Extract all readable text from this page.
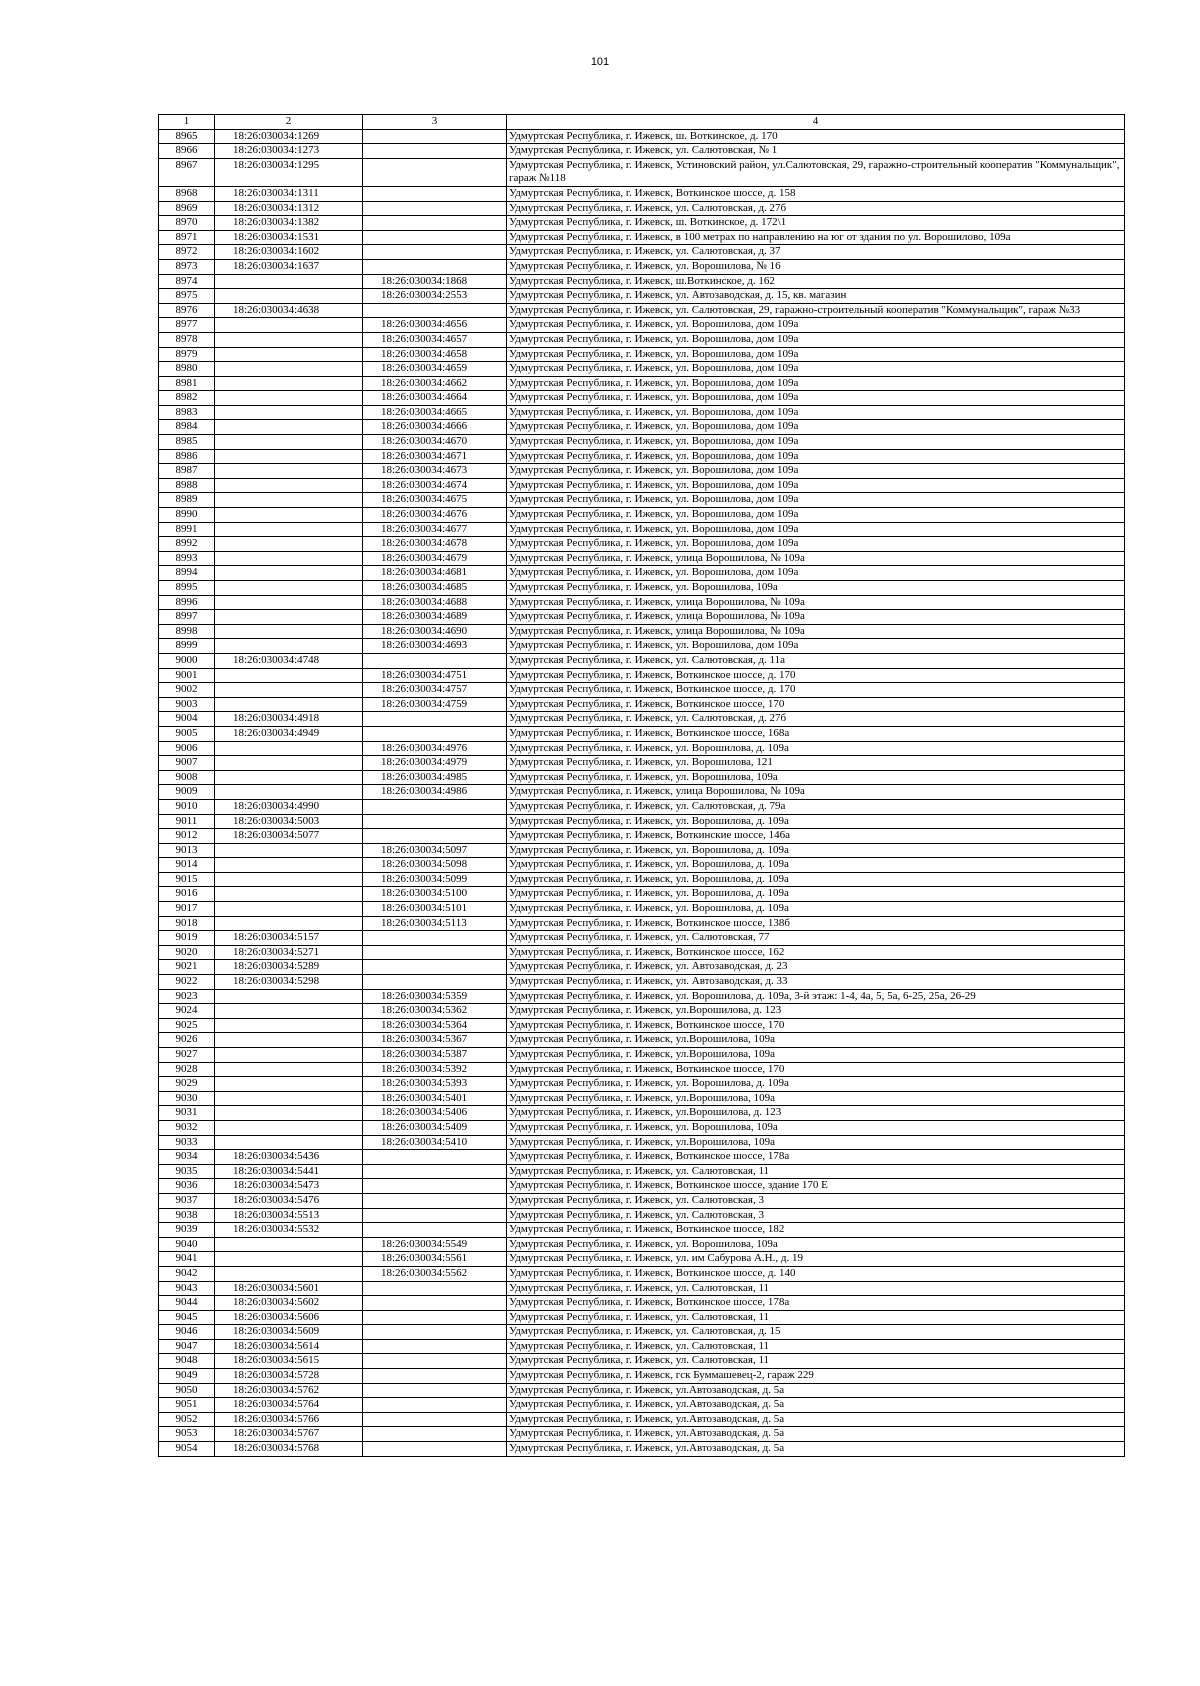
101
1	2	3	4
8965	18:26:030034:1269		Удмуртская Республика, г. Ижевск, ш. Воткинское, д. 170
8966	18:26:030034:1273		Удмуртская Республика, г. Ижевск, ул. Салютовская, № 1
8967	18:26:030034:1295		Удмуртская Республика, г. Ижевск, Устиновский район, ул.Салютовская, 29, гаражно-строительный кооператив "Коммунальщик", гараж №118
8968	18:26:030034:1311		Удмуртская Республика, г. Ижевск, Воткинское шоссе, д. 158
8969	18:26:030034:1312		Удмуртская Республика, г. Ижевск, ул. Салютовская, д. 27б
8970	18:26:030034:1382		Удмуртская Республика, г. Ижевск, ш. Воткинское, д. 172\1
8971	18:26:030034:1531		Удмуртская Республика, г. Ижевск, в 100 метрах по направлению на юг от здания по ул. Ворошилово, 109а
8972	18:26:030034:1602		Удмуртская Республика, г. Ижевск, ул. Салютовская, д. 37
8973	18:26:030034:1637		Удмуртская Республика, г. Ижевск, ул. Ворошилова, № 16
8974		18:26:030034:1868	Удмуртская Республика, г. Ижевск, ш.Воткинское, д. 162
8975		18:26:030034:2553	Удмуртская Республика, г. Ижевск, ул. Автозаводская, д. 15, кв. магазин
8976	18:26:030034:4638		Удмуртская Республика, г. Ижевск, ул. Салютовская, 29, гаражно-строительный кооператив "Коммунальщик", гараж №33
8977		18:26:030034:4656	Удмуртская Республика, г. Ижевск, ул. Ворошилова, дом 109а
8978		18:26:030034:4657	Удмуртская Республика, г. Ижевск, ул. Ворошилова, дом 109а
8979		18:26:030034:4658	Удмуртская Республика, г. Ижевск, ул. Ворошилова, дом 109а
8980		18:26:030034:4659	Удмуртская Республика, г. Ижевск, ул. Ворошилова, дом 109а
8981		18:26:030034:4662	Удмуртская Республика, г. Ижевск, ул. Ворошилова, дом 109а
8982		18:26:030034:4664	Удмуртская Республика, г. Ижевск, ул. Ворошилова, дом 109а
8983		18:26:030034:4665	Удмуртская Республика, г. Ижевск, ул. Ворошилова, дом 109а
8984		18:26:030034:4666	Удмуртская Республика, г. Ижевск, ул. Ворошилова, дом 109а
8985		18:26:030034:4670	Удмуртская Республика, г. Ижевск, ул. Ворошилова, дом 109а
8986		18:26:030034:4671	Удмуртская Республика, г. Ижевск, ул. Ворошилова, дом 109а
8987		18:26:030034:4673	Удмуртская Республика, г. Ижевск, ул. Ворошилова, дом 109а
8988		18:26:030034:4674	Удмуртская Республика, г. Ижевск, ул. Ворошилова, дом 109а
8989		18:26:030034:4675	Удмуртская Республика, г. Ижевск, ул. Ворошилова, дом 109а
8990		18:26:030034:4676	Удмуртская Республика, г. Ижевск, ул. Ворошилова, дом 109а
8991		18:26:030034:4677	Удмуртская Республика, г. Ижевск, ул. Ворошилова, дом 109а
8992		18:26:030034:4678	Удмуртская Республика, г. Ижевск, ул. Ворошилова, дом 109а
8993		18:26:030034:4679	Удмуртская Республика, г. Ижевск, улица Ворошилова, № 109а
8994		18:26:030034:4681	Удмуртская Республика, г. Ижевск, ул. Ворошилова, дом 109а
8995		18:26:030034:4685	Удмуртская Республика, г. Ижевск, ул. Ворошилова, 109а
8996		18:26:030034:4688	Удмуртская Республика, г. Ижевск, улица Ворошилова, № 109а
8997		18:26:030034:4689	Удмуртская Республика, г. Ижевск, улица Ворошилова, № 109а
8998		18:26:030034:4690	Удмуртская Республика, г. Ижевск, улица Ворошилова, № 109а
8999		18:26:030034:4693	Удмуртская Республика, г. Ижевск, ул. Ворошилова, дом 109а
9000	18:26:030034:4748		Удмуртская Республика, г. Ижевск, ул. Салютовская, д. 11а
9001		18:26:030034:4751	Удмуртская Республика, г. Ижевск, Воткинское шоссе, д. 170
9002		18:26:030034:4757	Удмуртская Республика, г. Ижевск, Воткинское шоссе, д. 170
9003		18:26:030034:4759	Удмуртская Республика, г. Ижевск, Воткинское шоссе, 170
9004	18:26:030034:4918		Удмуртская Республика, г. Ижевск, ул. Салютовская, д. 27б
9005	18:26:030034:4949		Удмуртская Республика, г. Ижевск, Воткинское шоссе, 168а
9006		18:26:030034:4976	Удмуртская Республика, г. Ижевск, ул. Ворошилова, д. 109а
9007		18:26:030034:4979	Удмуртская Республика, г. Ижевск, ул. Ворошилова, 121
9008		18:26:030034:4985	Удмуртская Республика, г. Ижевск, ул. Ворошилова, 109а
9009		18:26:030034:4986	Удмуртская Республика, г. Ижевск, улица Ворошилова, № 109а
9010	18:26:030034:4990		Удмуртская Республика, г. Ижевск, ул. Салютовская, д. 79а
9011	18:26:030034:5003		Удмуртская Республика, г. Ижевск, ул. Ворошилова, д. 109а
9012	18:26:030034:5077		Удмуртская Республика, г. Ижевск, Воткинские шоссе, 146а
9013		18:26:030034:5097	Удмуртская Республика, г. Ижевск, ул. Ворошилова, д. 109а
9014		18:26:030034:5098	Удмуртская Республика, г. Ижевск, ул. Ворошилова, д. 109а
9015		18:26:030034:5099	Удмуртская Республика, г. Ижевск, ул. Ворошилова, д. 109а
9016		18:26:030034:5100	Удмуртская Республика, г. Ижевск, ул. Ворошилова, д. 109а
9017		18:26:030034:5101	Удмуртская Республика, г. Ижевск, ул. Ворошилова, д. 109а
9018		18:26:030034:5113	Удмуртская Республика, г. Ижевск, Воткинское шоссе, 138б
9019	18:26:030034:5157		Удмуртская Республика, г. Ижевск, ул. Салютовская, 77
9020	18:26:030034:5271		Удмуртская Республика, г. Ижевск, Воткинское шоссе, 162
9021	18:26:030034:5289		Удмуртская Республика, г. Ижевск, ул. Автозаводская, д. 23
9022	18:26:030034:5298		Удмуртская Республика, г. Ижевск, ул. Автозаводская, д. 33
9023		18:26:030034:5359	Удмуртская Республика, г. Ижевск, ул. Ворошилова, д. 109а, 3-й этаж: 1-4, 4а, 5, 5а, 6-25, 25а, 26-29
9024		18:26:030034:5362	Удмуртская Республика, г. Ижевск, ул.Ворошилова, д. 123
9025		18:26:030034:5364	Удмуртская Республика, г. Ижевск, Воткинское шоссе, 170
9026		18:26:030034:5367	Удмуртская Республика, г. Ижевск, ул.Ворошилова, 109а
9027		18:26:030034:5387	Удмуртская Республика, г. Ижевск, ул.Ворошилова, 109а
9028		18:26:030034:5392	Удмуртская Республика, г. Ижевск, Воткинское шоссе, 170
9029		18:26:030034:5393	Удмуртская Республика, г. Ижевск, ул. Ворошилова, д. 109а
9030		18:26:030034:5401	Удмуртская Республика, г. Ижевск, ул.Ворошилова, 109а
9031		18:26:030034:5406	Удмуртская Республика, г. Ижевск, ул.Ворошилова, д. 123
9032		18:26:030034:5409	Удмуртская Республика, г. Ижевск, ул. Ворошилова, 109а
9033		18:26:030034:5410	Удмуртская Республика, г. Ижевск, ул.Ворошилова, 109а
9034	18:26:030034:5436		Удмуртская Республика, г. Ижевск, Воткинское шоссе, 178а
9035	18:26:030034:5441		Удмуртская Республика, г. Ижевск, ул. Салютовская, 11
9036	18:26:030034:5473		Удмуртская Республика, г. Ижевск, Воткинское шоссе, здание 170 Е
9037	18:26:030034:5476		Удмуртская Республика, г. Ижевск, ул. Салютовская, 3
9038	18:26:030034:5513		Удмуртская Республика, г. Ижевск, ул. Салютовская, 3
9039	18:26:030034:5532		Удмуртская Республика, г. Ижевск, Воткинское шоссе, 182
9040		18:26:030034:5549	Удмуртская Республика, г. Ижевск, ул. Ворошилова, 109а
9041		18:26:030034:5561	Удмуртская Республика, г. Ижевск, ул. им Сабурова А.Н., д. 19
9042		18:26:030034:5562	Удмуртская Республика, г. Ижевск, Воткинское шоссе, д. 140
9043	18:26:030034:5601		Удмуртская Республика, г. Ижевск, ул. Салютовская, 11
9044	18:26:030034:5602		Удмуртская Республика, г. Ижевск, Воткинское шоссе, 178а
9045	18:26:030034:5606		Удмуртская Республика, г. Ижевск, ул. Салютовская, 11
9046	18:26:030034:5609		Удмуртская Республика, г. Ижевск, ул. Салютовская, д. 15
9047	18:26:030034:5614		Удмуртская Республика, г. Ижевск, ул. Салютовская, 11
9048	18:26:030034:5615		Удмуртская Республика, г. Ижевск, ул. Салютовская, 11
9049	18:26:030034:5728		Удмуртская Республика, г. Ижевск, гск Буммашевец-2, гараж 229
9050	18:26:030034:5762		Удмуртская Республика, г. Ижевск, ул.Автозаводская, д. 5а
9051	18:26:030034:5764		Удмуртская Республика, г. Ижевск, ул.Автозаводская, д. 5а
9052	18:26:030034:5766		Удмуртская Республика, г. Ижевск, ул.Автозаводская, д. 5а
9053	18:26:030034:5767		Удмуртская Республика, г. Ижевск, ул.Автозаводская, д. 5а
9054	18:26:030034:5768		Удмуртская Республика, г. Ижевск, ул.Автозаводская, д. 5а
